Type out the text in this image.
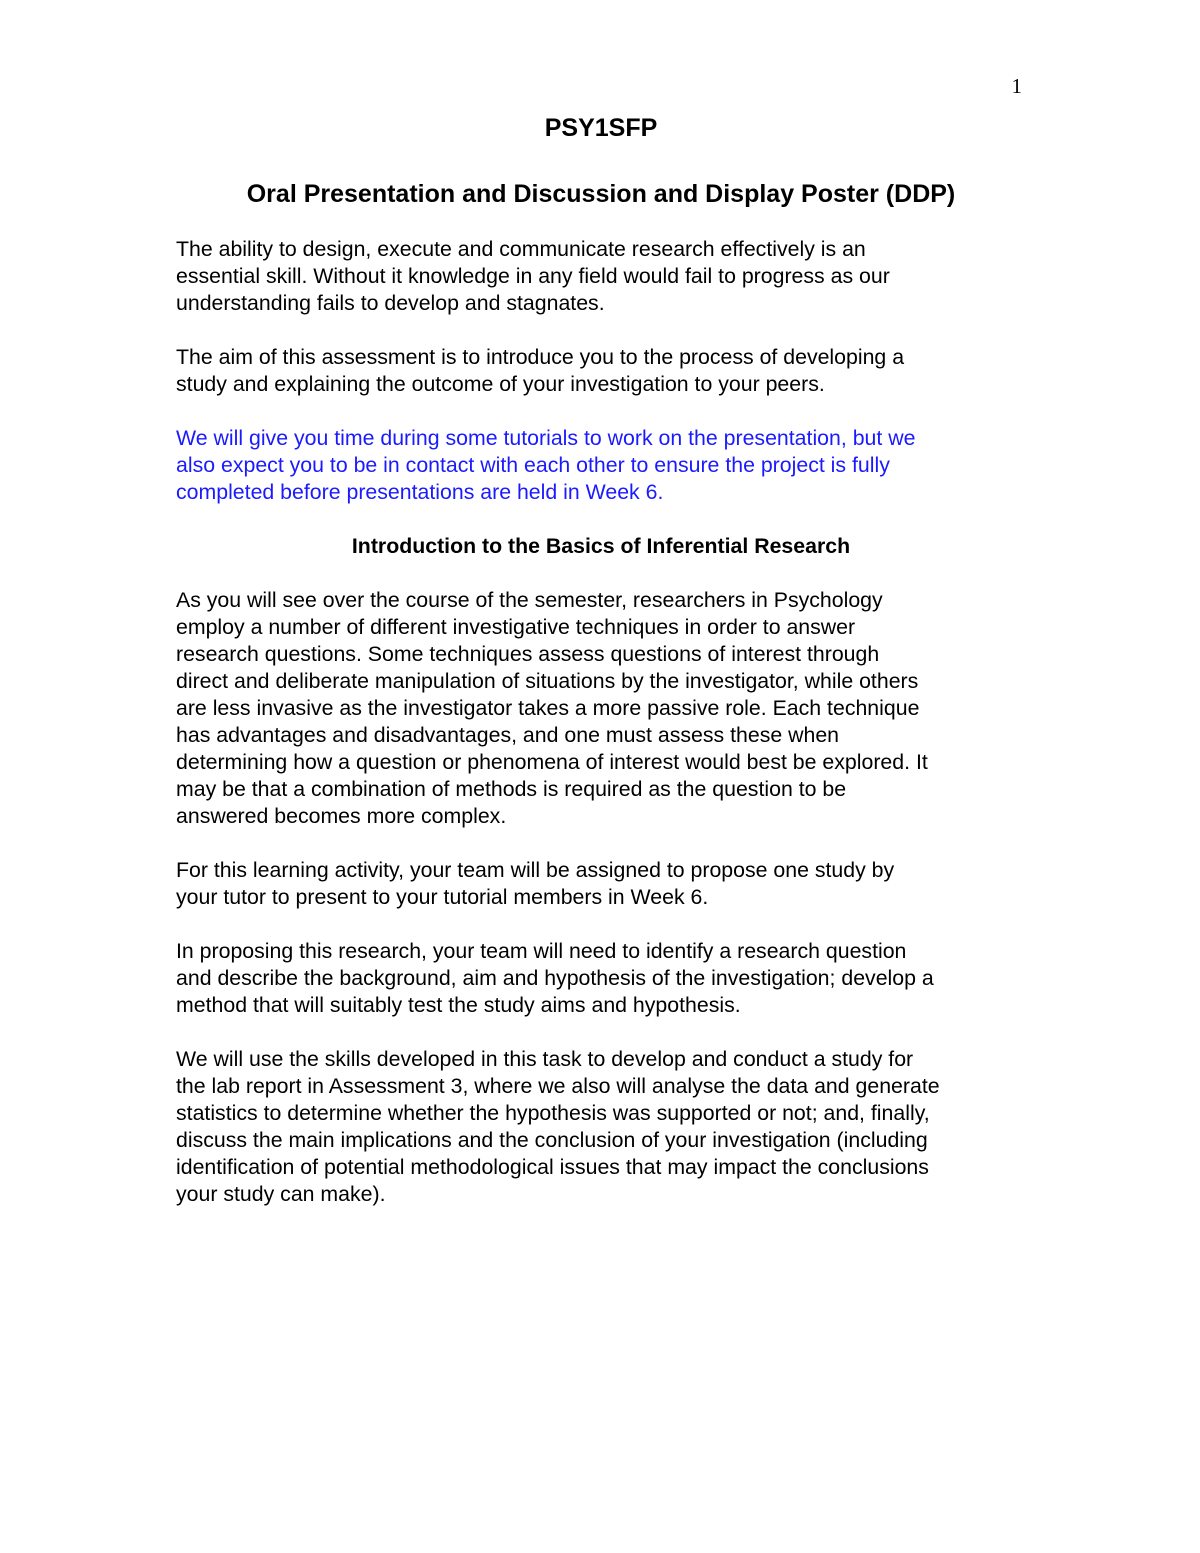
1
PSY1SFP
Oral Presentation and Discussion and Display Poster (DDP)

The ability to design, execute and communicate research effectively is an
essential skill. Without it knowledge in any field would fail to progress as our
understanding fails to develop and stagnates.

The aim of this assessment is to introduce you to the process of developing a
study and explaining the outcome of your investigation to your peers.

We will give you time during some tutorials to work on the presentation, but we
also expect you to be in contact with each other to ensure the project is fully
completed before presentations are held in Week 6.

Introduction to the Basics of Inferential Research

As you will see over the course of the semester, researchers in Psychology
employ a number of different investigative techniques in order to answer
research questions. Some techniques assess questions of interest through
direct and deliberate manipulation of situations by the investigator, while others
are less invasive as the investigator takes a more passive role. Each technique
has advantages and disadvantages, and one must assess these when
determining how a question or phenomena of interest would best be explored. It
may be that a combination of methods is required as the question to be
answered becomes more complex.

For this learning activity, your team will be assigned to propose one study by
your tutor to present to your tutorial members in Week 6.

In proposing this research, your team will need to identify a research question
and describe the background, aim and hypothesis of the investigation; develop a
method that will suitably test the study aims and hypothesis.

We will use the skills developed in this task to develop and conduct a study for
the lab report in Assessment 3, where we also will analyse the data and generate
statistics to determine whether the hypothesis was supported or not; and, finally,
discuss the main implications and the conclusion of your investigation (including
identification of potential methodological issues that may impact the conclusions
your study can make).
